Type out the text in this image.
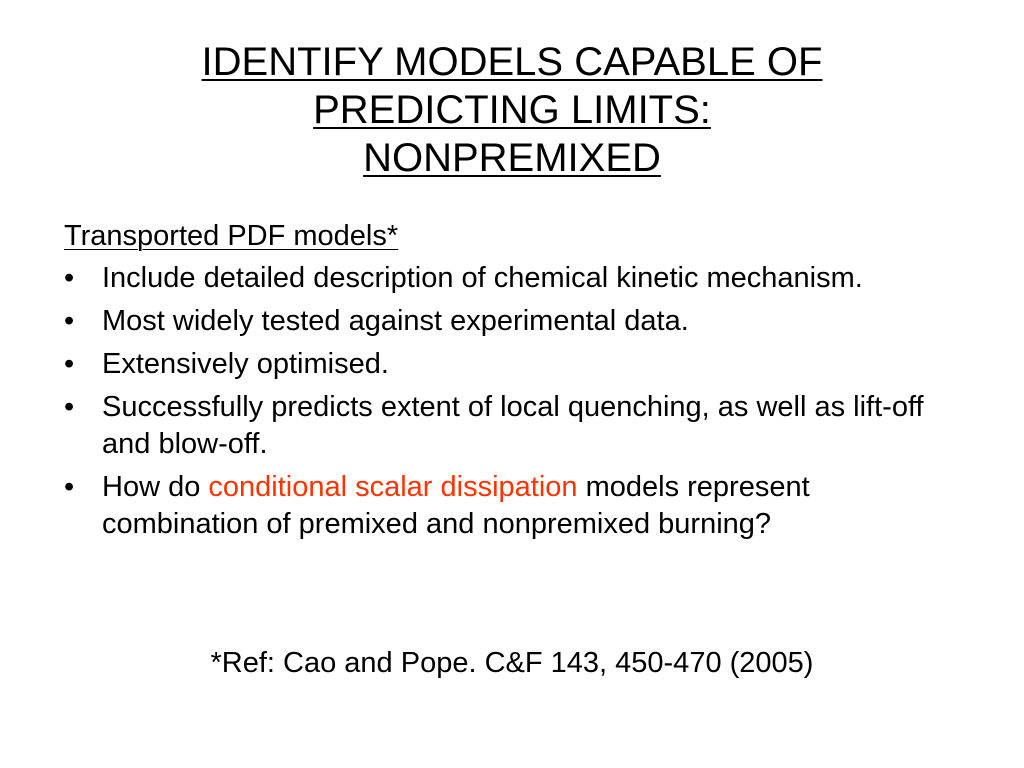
IDENTIFY MODELS CAPABLE OF
PREDICTING LIMITS:
NONPREMIXED
Transported PDF models*
• Include detailed description of chemical kinetic mechanism.
• Most widely tested against experimental data.
• Extensively optimised.
• Successfully predicts extent of local quenching, as well as lift-off and blow-off.
• How do conditional scalar dissipation models represent combination of premixed and nonpremixed burning?
*Ref: Cao and Pope. C&F 143, 450-470 (2005)
